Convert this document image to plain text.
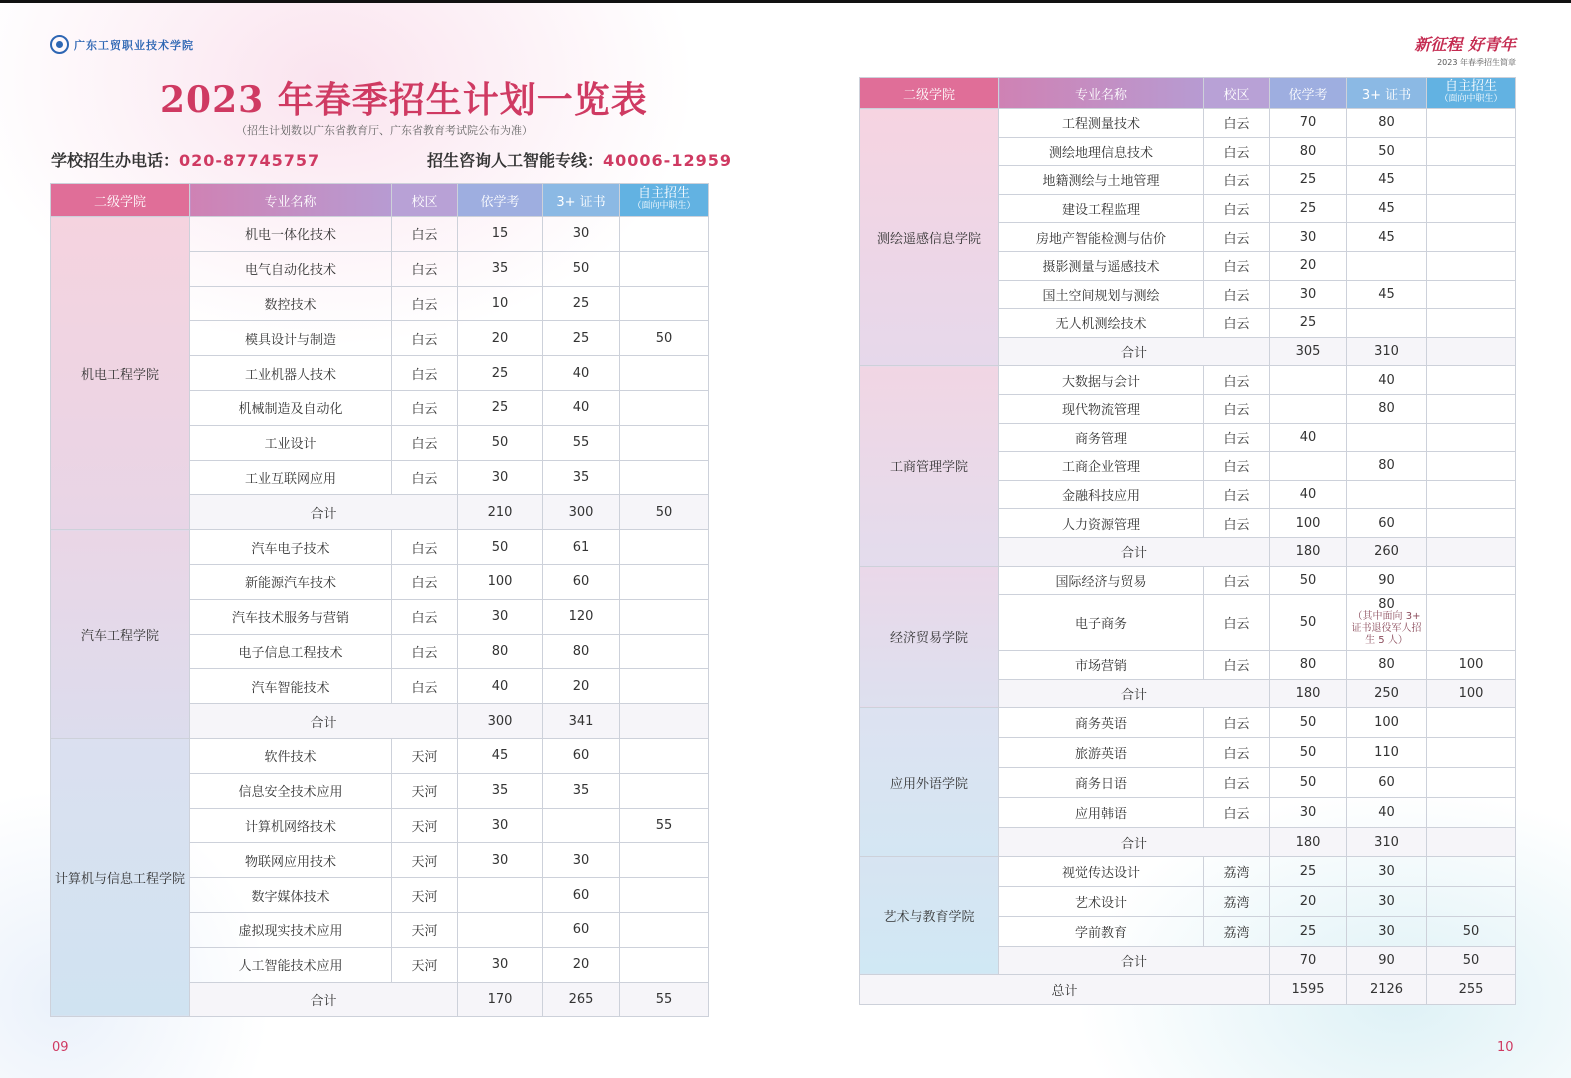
广东工贸职业技术学院	新征程 好青年
2023 年春季招生简章
2023 年春季招生计划一览表
（招生计划数以广东省教育厅、广东省教育考试院公布为准）
学校招生办电话：020-87745757	招生咨询人工智能专线：40006-12959
二级学院	专业名称	校区	依学考	3+ 证书	自主招生
（面向中职生）
机电工程学院	机电一体化技术	白云	15	30	
	电气自动化技术	白云	35	50	
	数控技术	白云	10	25	
	模具设计与制造	白云	20	25	50
	工业机器人技术	白云	25	40	
	机械制造及自动化	白云	25	40	
	工业设计	白云	50	55	
	工业互联网应用	白云	30	35	
	合计		210	300	50
汽车工程学院	汽车电子技术	白云	50	61	
	新能源汽车技术	白云	100	60	
	汽车技术服务与营销	白云	30	120	
	电子信息工程技术	白云	80	80	
	汽车智能技术	白云	40	20	
	合计		300	341	
计算机与信息工程学院	软件技术	天河	45	60	
	信息安全技术应用	天河	35	35	
	计算机网络技术	天河	30		55
	物联网应用技术	天河	30	30	
	数字媒体技术	天河		60	
	虚拟现实技术应用	天河		60	
	人工智能技术应用	天河	30	20	
	合计		170	265	55
二级学院	专业名称	校区	依学考	3+ 证书	自主招生
（面向中职生）
测绘遥感信息学院	工程测量技术	白云	70	80	
	测绘地理信息技术	白云	80	50	
	地籍测绘与土地管理	白云	25	45	
	建设工程监理	白云	25	45	
	房地产智能检测与估价	白云	30	45	
	摄影测量与遥感技术	白云	20		
	国土空间规划与测绘	白云	30	45	
	无人机测绘技术	白云	25		
	合计		305	310	
工商管理学院	大数据与会计	白云		40	
	现代物流管理	白云		80	
	商务管理	白云	40		
	工商企业管理	白云		80	
	金融科技应用	白云	40		
	人力资源管理	白云	100	60	
	合计		180	260	
经济贸易学院	国际经济与贸易	白云	50	90	
	电子商务	白云	50	80
（其中面向 3+ 证书退役军人招生 5 人）	

	市场营销	白云	80	80	100
	合计		180	250	100
应用外语学院	商务英语	白云	50	100	
	旅游英语	白云	50	110	
	商务日语	白云	50	60	
	应用韩语	白云	30	40	
	合计		180	310	
艺术与教育学院	视觉传达设计	荔湾	25	30	
	艺术设计	荔湾	20	30	
	学前教育	荔湾	25	30	50
	合计		70	90	50
总计			1595	2126	255
09	10
